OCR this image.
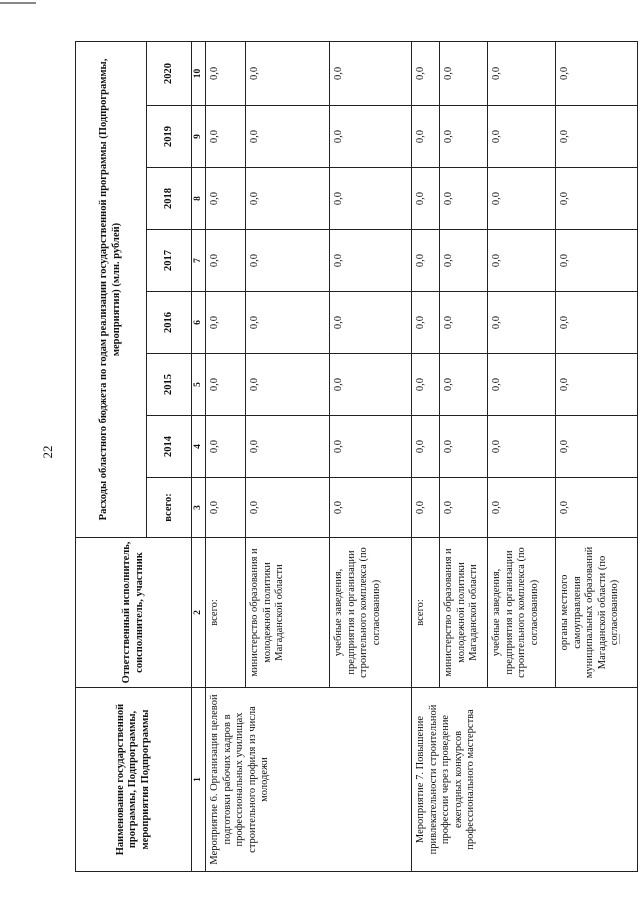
22
Наименование государственной программы, Подпрограммы, мероприятия Подпрограммы	Ответственный исполнитель, соисполнитель, участник	Расходы областного бюджета по годам реализации государственной программы (Подпрограммы, мероприятия) (млн. рублей)							
		всего:	2014	2015	2016	2017	2018	2019	2020
1	2	3	4	5	6	7	8	9	10
Мероприятие 6. Организация целевой подготовки рабочих кадров в профессиональных училищах строительного профиля из числа молодежи	всего:	0,0	0,0	0,0	0,0	0,0	0,0	0,0	0,0
	министерство образования и молодежной политики Магаданской области	0,0	0,0	0,0	0,0	0,0	0,0	0,0	0,0
	учебные заведения, предприятия и организации строительного комплекса (по согласованию)	0,0	0,0	0,0	0,0	0,0	0,0	0,0	0,0
Мероприятие 7. Повышение привлекательности строительной профессии через проведение ежегодных конкурсов профессионального мастерства	всего:	0,0	0,0	0,0	0,0	0,0	0,0	0,0	0,0
	министерство образования и молодежной политики Магаданской области	0,0	0,0	0,0	0,0	0,0	0,0	0,0	0,0
	учебные заведения, предприятия и организации строительного комплекса (по согласованию)	0,0	0,0	0,0	0,0	0,0	0,0	0,0	0,0
	органы местного самоуправления муниципальных образований Магаданской области (по согласованию)	0,0	0,0	0,0	0,0	0,0	0,0	0,0	0,0
